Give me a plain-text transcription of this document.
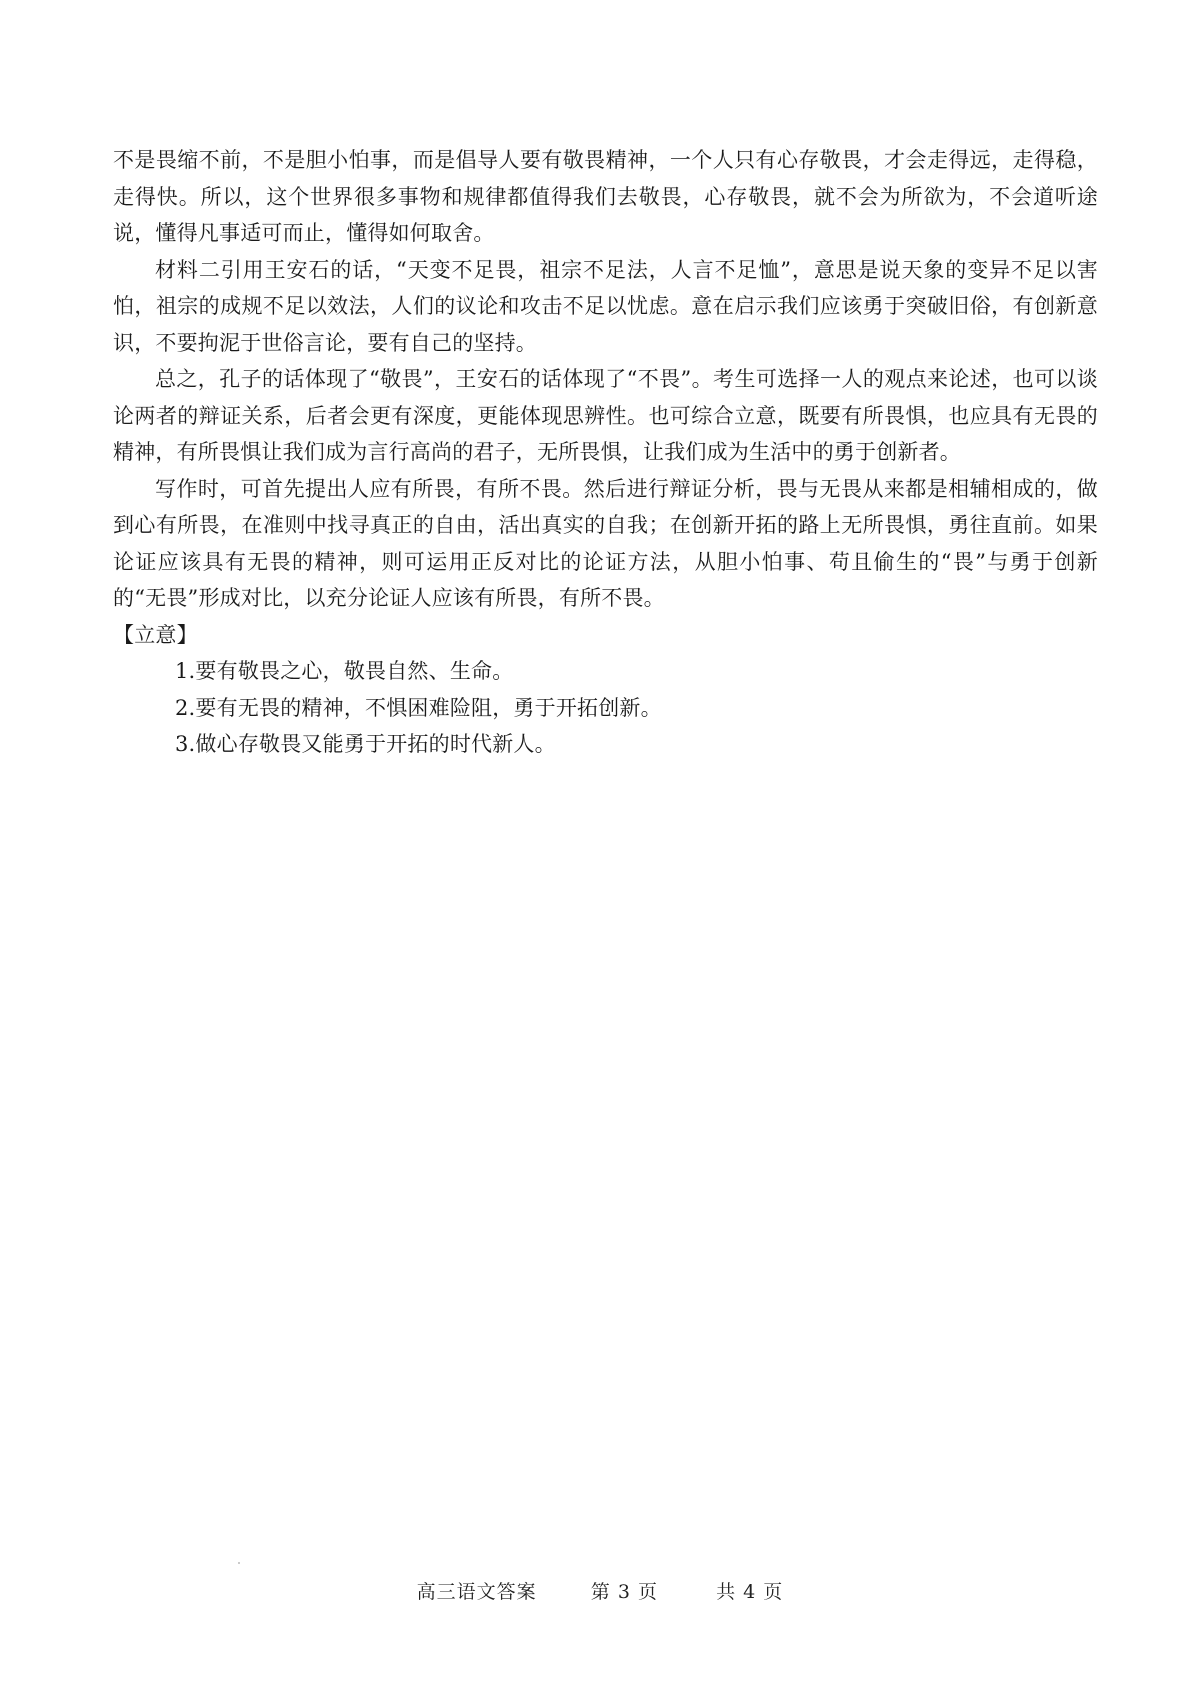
不是畏缩不前，不是胆小怕事，而是倡导人要有敬畏精神，一个人只有心存敬畏，才会走得远，走得稳，走得快。所以，这个世界很多事物和规律都值得我们去敬畏，心存敬畏，就不会为所欲为，不会道听途说，懂得凡事适可而止，懂得如何取舍。

材料二引用王安石的话，“天变不足畏，祖宗不足法，人言不足恤”，意思是说天象的变异不足以害怕，祖宗的成规不足以效法，人们的议论和攻击不足以忧虑。意在启示我们应该勇于突破旧俗，有创新意识，不要拘泥于世俗言论，要有自己的坚持。

总之，孔子的话体现了“敬畏”，王安石的话体现了“不畏”。考生可选择一人的观点来论述，也可以谈论两者的辩证关系，后者会更有深度，更能体现思辨性。也可综合立意，既要有所畏惧，也应具有无畏的精神，有所畏惧让我们成为言行高尚的君子，无所畏惧，让我们成为生活中的勇于创新者。

写作时，可首先提出人应有所畏，有所不畏。然后进行辩证分析，畏与无畏从来都是相辅相成的，做到心有所畏，在准则中找寻真正的自由，活出真实的自我；在创新开拓的路上无所畏惧，勇往直前。如果论证应该具有无畏的精神，则可运用正反对比的论证方法，从胆小怕事、苟且偷生的“畏”与勇于创新的“无畏”形成对比，以充分论证人应该有所畏，有所不畏。

【立意】

1.要有敬畏之心，敬畏自然、生命。
2.要有无畏的精神，不惧困难险阻，勇于开拓创新。
3.做心存敬畏又能勇于开拓的时代新人。
高三语文答案	第 3 页	共 4 页
